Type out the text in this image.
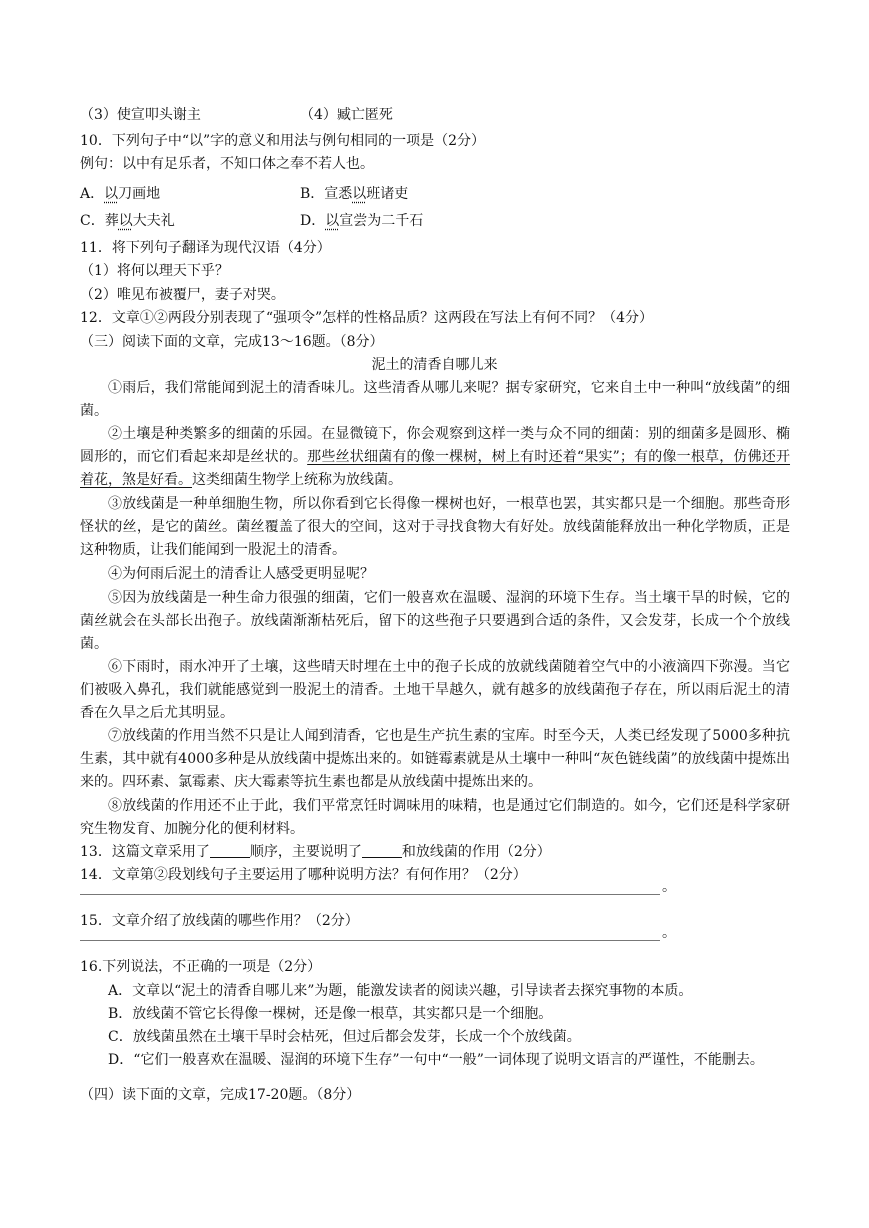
（3）使宣叩头谢主	（4）臧亡匿死
10．下列句子中“以”字的意义和用法与例句相同的一项是（2分）
例句：以中有足乐者，不知口体之奉不若人也。
A．以刀画地	B．宣悉以班诸吏
C．葬以大夫礼	D．以宣尝为二千石
11．将下列句子翻译为现代汉语（4分）
（1）将何以理天下乎？
（2）唯见布被覆尸，妻子对哭。
12．文章①②两段分别表现了“强项令”怎样的性格品质？这两段在写法上有何不同？（4分）
（三）阅读下面的文章，完成13～16题。（8分）
泥土的清香自哪儿来
①雨后，我们常能闻到泥土的清香味儿。这些清香从哪儿来呢？据专家研究，它来自土中一种叫“放线菌”的细菌。
②土壤是种类繁多的细菌的乐园。在显微镜下，你会观察到这样一类与众不同的细菌：别的细菌多是圆形、椭圆形的，而它们看起来却是丝状的。那些丝状细菌有的像一棵树，树上有时还着“果实”；有的像一根草，仿佛还开着花，煞是好看。这类细菌生物学上统称为放线菌。
③放线菌是一种单细胞生物，所以你看到它长得像一棵树也好，一根草也罢，其实都只是一个细胞。那些奇形怪状的丝，是它的菌丝。菌丝覆盖了很大的空间，这对于寻找食物大有好处。放线菌能释放出一种化学物质，正是这种物质，让我们能闻到一股泥土的清香。
④为何雨后泥土的清香让人感受更明显呢？
⑤因为放线菌是一种生命力很强的细菌，它们一般喜欢在温暖、湿润的环境下生存。当土壤干旱的时候，它的菌丝就会在头部长出孢子。放线菌渐渐枯死后，留下的这些孢子只要遇到合适的条件，又会发芽，长成一个个放线菌。
⑥下雨时，雨水冲开了土壤，这些晴天时埋在土中的孢子长成的放就线菌随着空气中的小液滴四下弥漫。当它们被吸入鼻孔，我们就能感觉到一股泥土的清香。土地干旱越久，就有越多的放线菌孢子存在，所以雨后泥土的清香在久旱之后尤其明显。
⑦放线菌的作用当然不只是让人闻到清香，它也是生产抗生素的宝库。时至今天，人类已经发现了5000多种抗生素，其中就有4000多种是从放线菌中提炼出来的。如链霉素就是从土壤中一种叫“灰色链线菌”的放线菌中提炼出来的。四环素、氯霉素、庆大霉素等抗生素也都是从放线菌中提炼出来的。
⑧放线菌的作用还不止于此，我们平常烹饪时调味用的味精，也是通过它们制造的。如今，它们还是科学家研究生物发育、加腕分化的便利材料。
13．这篇文章采用了	顺序，主要说明了	和放线菌的作用（2分）
14．文章第②段划线句子主要运用了哪种说明方法？有何作用？（2分）
。
15．文章介绍了放线菌的哪些作用？（2分）
。
16.下列说法，不正确的一项是（2分）
A．文章以“泥土的清香自哪儿来”为题，能激发读者的阅读兴趣，引导读者去探究事物的本质。
B．放线菌不管它长得像一棵树，还是像一根草，其实都只是一个细胞。
C．放线菌虽然在土壤干旱时会枯死，但过后都会发芽，长成一个个放线菌。
D．“它们一般喜欢在温暖、湿润的环境下生存”一句中“一般”一词体现了说明文语言的严谨性，不能删去。
（四）读下面的文章，完成17-20题。（8分）
